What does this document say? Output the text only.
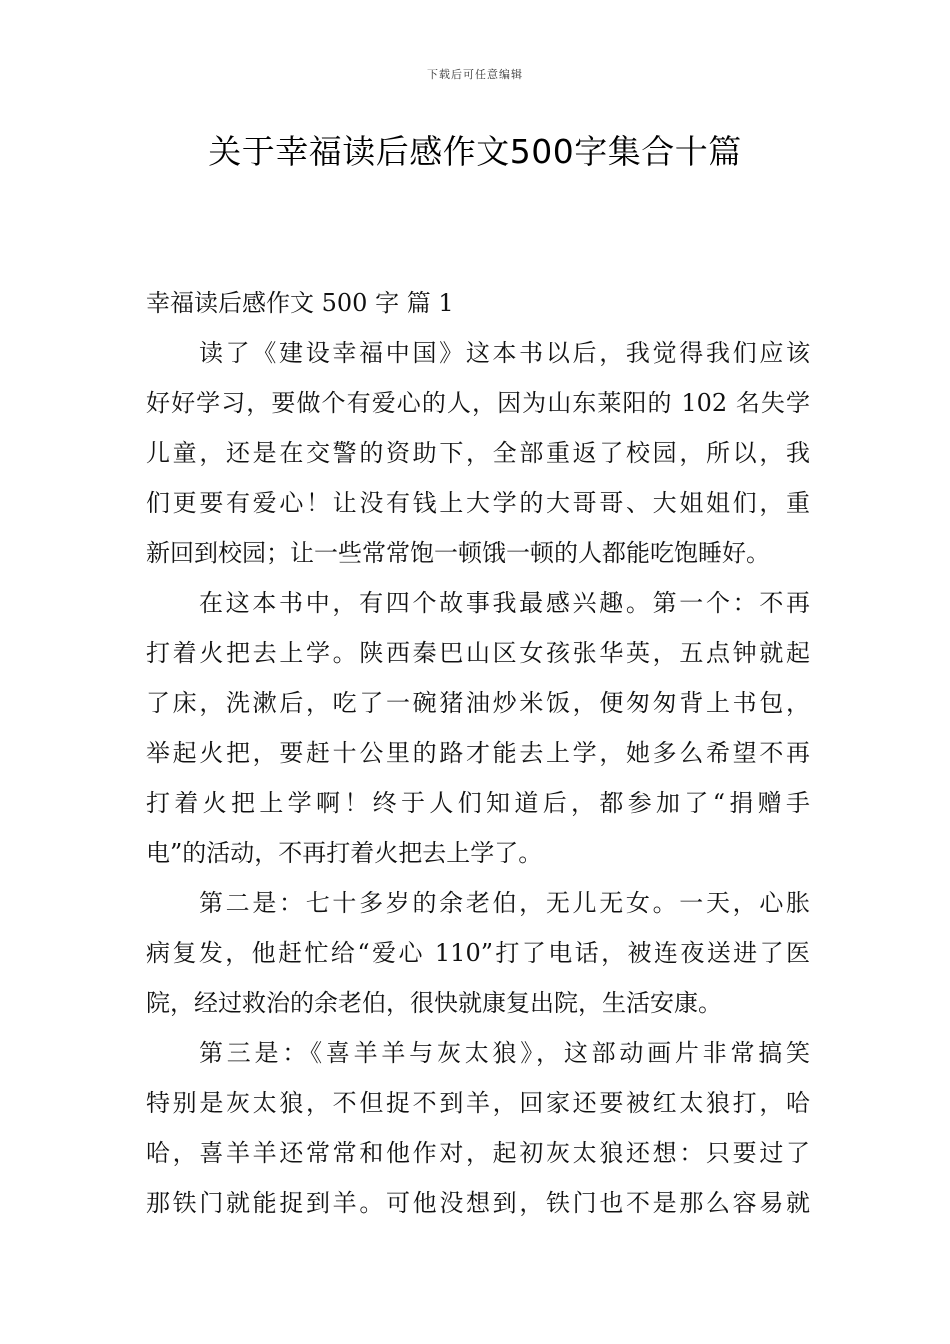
下载后可任意编辑
关于幸福读后感作文500字集合十篇
幸福读后感作文 500 字 篇 1
读了《建设幸福中国》这本书以后，我觉得我们应该
好好学习，要做个有爱心的人，因为山东莱阳的 102 名失学
儿童，还是在交警的资助下，全部重返了校园，所以，我
们更要有爱心！让没有钱上大学的大哥哥、大姐姐们，重
新回到校园；让一些常常饱一顿饿一顿的人都能吃饱睡好。
在这本书中，有四个故事我最感兴趣。第一个：不再
打着火把去上学。陕西秦巴山区女孩张华英，五点钟就起
了床，洗漱后，吃了一碗猪油炒米饭，便匆匆背上书包，
举起火把，要赶十公里的路才能去上学，她多么希望不再
打着火把上学啊！终于人们知道后，都参加了“捐赠手
电”的活动，不再打着火把去上学了。
第二是：七十多岁的余老伯，无儿无女。一天，心胀
病复发，他赶忙给“爱心 110”打了电话，被连夜送进了医
院，经过救治的余老伯，很快就康复出院，生活安康。
第三是：《喜羊羊与灰太狼》，这部动画片非常搞笑
特别是灰太狼，不但捉不到羊，回家还要被红太狼打，哈
哈，喜羊羊还常常和他作对，起初灰太狼还想：只要过了
那铁门就能捉到羊。可他没想到，铁门也不是那么容易就
